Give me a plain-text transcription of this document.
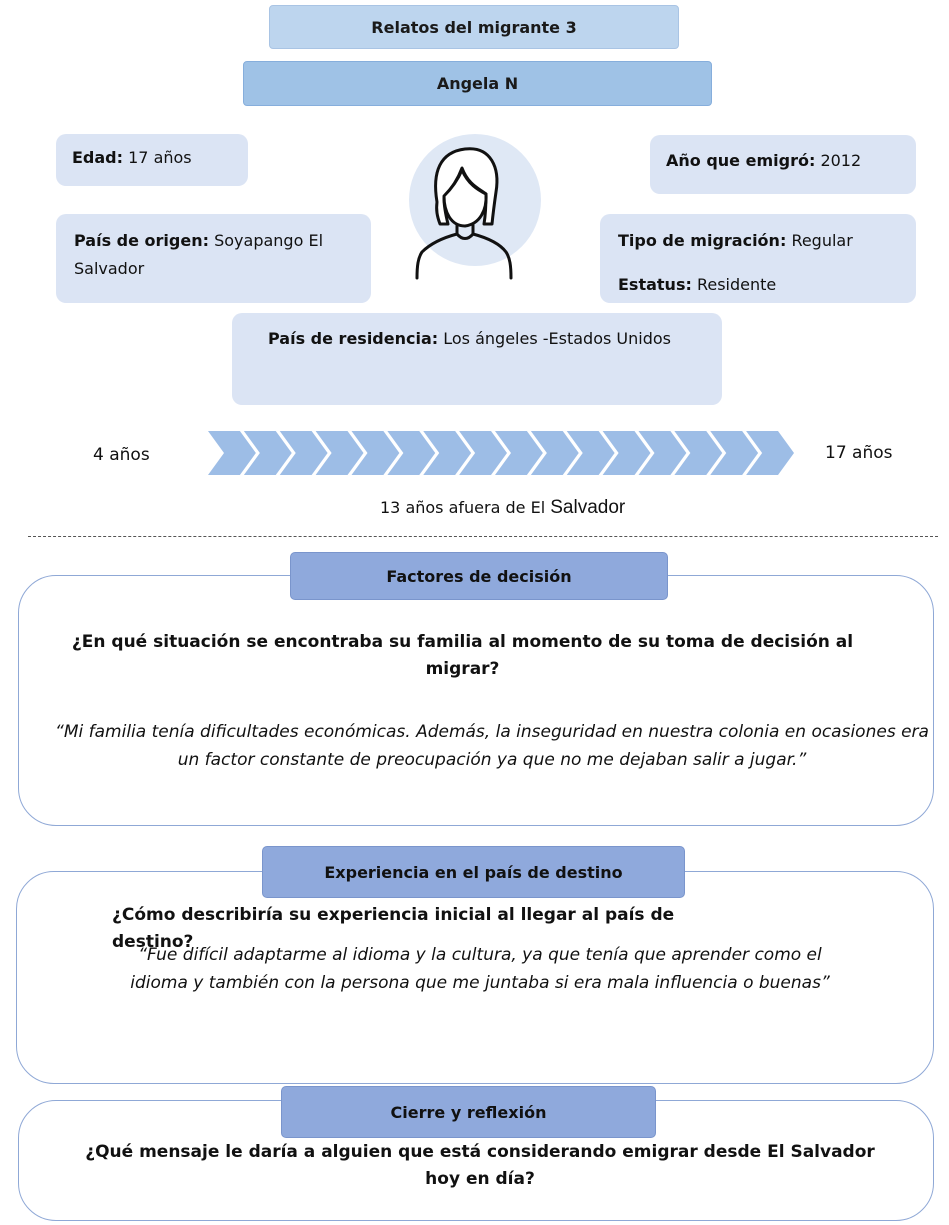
Relatos del migrante 3
Angela N
Edad: 17 años	Año que emigró: 2012
País de origen: Soyapango El Salvador
Tipo de migración: Regular
Estatus: Residente
País de residencia: Los ángeles -Estados Unidos
4 años	17 años
13 años afuera de El Salvador
Factores de decisión
¿En qué situación se encontraba su familia al momento de su toma de decisión al migrar?
“Mi familia tenía dificultades económicas. Además, la inseguridad en nuestra colonia en ocasiones era un factor constante de preocupación ya que no me dejaban salir a jugar.”
Experiencia en el país de destino
¿Cómo describiría su experiencia inicial al llegar al país de destino?
“Fue difícil adaptarme al idioma y la cultura, ya que tenía que aprender como el idioma y también con la persona que me juntaba si era mala influencia o buenas”
Cierre y reflexión
¿Qué mensaje le daría a alguien que está considerando emigrar desde El Salvador hoy en día?
